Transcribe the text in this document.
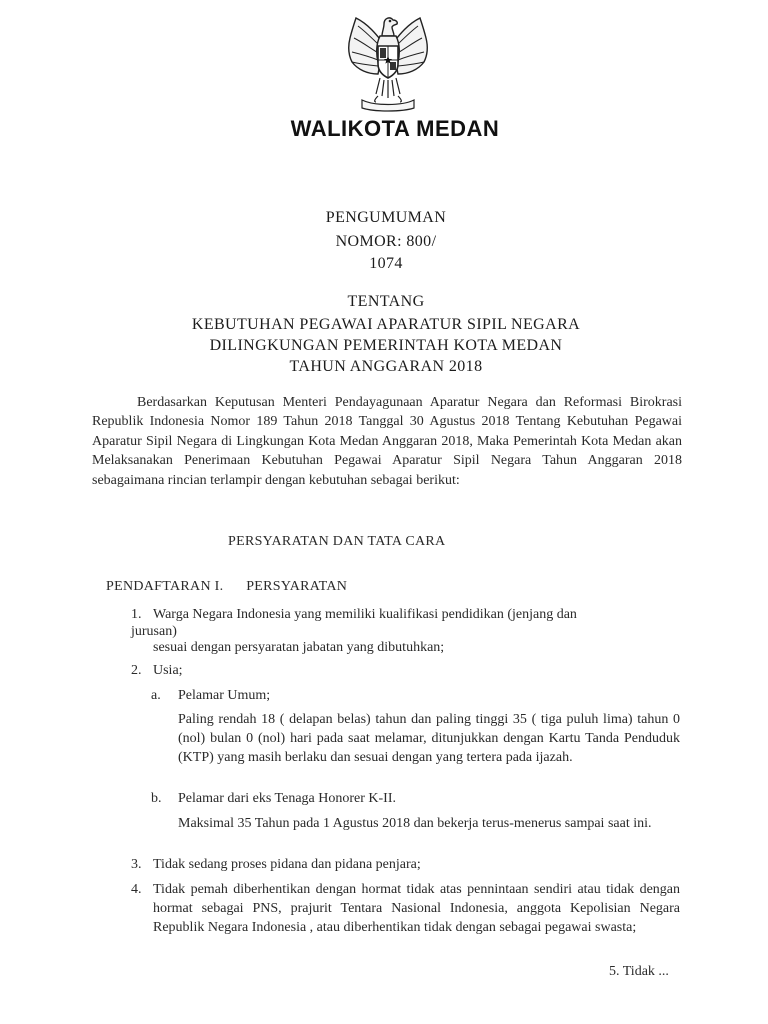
WALIKOTA MEDAN
PENGUMUMAN
NOMOR: 800/
1074
TENTANG
KEBUTUHAN PEGAWAI APARATUR SIPIL NEGARA
DILINGKUNGAN PEMERINTAH KOTA MEDAN
TAHUN ANGGARAN 2018

Berdasarkan Keputusan Menteri Pendayagunaan Aparatur Negara dan Reformasi Birokrasi Republik Indonesia Nomor 189 Tahun 2018 Tanggal 30 Agustus 2018 Tentang Kebutuhan Pegawai Aparatur Sipil Negara di Lingkungan Kota Medan Anggaran 2018, Maka Pemerintah Kota Medan akan Melaksanakan Penerimaan Kebutuhan Pegawai Aparatur Sipil Negara Tahun Anggaran 2018 sebagaimana rincian terlampir dengan kebutuhan sebagai berikut:

PERSYARATAN DAN TATA CARA
PENDAFTARAN I.      PERSYARATAN
1. Warga Negara Indonesia yang memiliki kualifikasi pendidikan (jenjang dan
jurusan)
sesuai dengan persyaratan jabatan yang dibutuhkan;
2. Usia;
a. Pelamar Umum;
Paling rendah 18 ( delapan belas) tahun dan paling tinggi 35 ( tiga puluh lima) tahun 0 (nol) bulan 0 (nol) hari pada saat melamar, ditunjukkan dengan Kartu Tanda Penduduk (KTP) yang masih berlaku dan sesuai dengan yang tertera pada ijazah.
b. Pelamar dari eks Tenaga Honorer K-II.
Maksimal 35 Tahun pada 1 Agustus 2018 dan bekerja terus-menerus sampai saat ini.
3. Tidak sedang proses pidana dan pidana penjara;
4. Tidak pemah diberhentikan dengan hormat tidak atas pennintaan sendiri atau tidak dengan hormat sebagai PNS, prajurit Tentara Nasional Indonesia, anggota Kepolisian Negara Republik Negara Indonesia , atau diberhentikan tidak dengan sebagai pegawai swasta;
5. Tidak ...
